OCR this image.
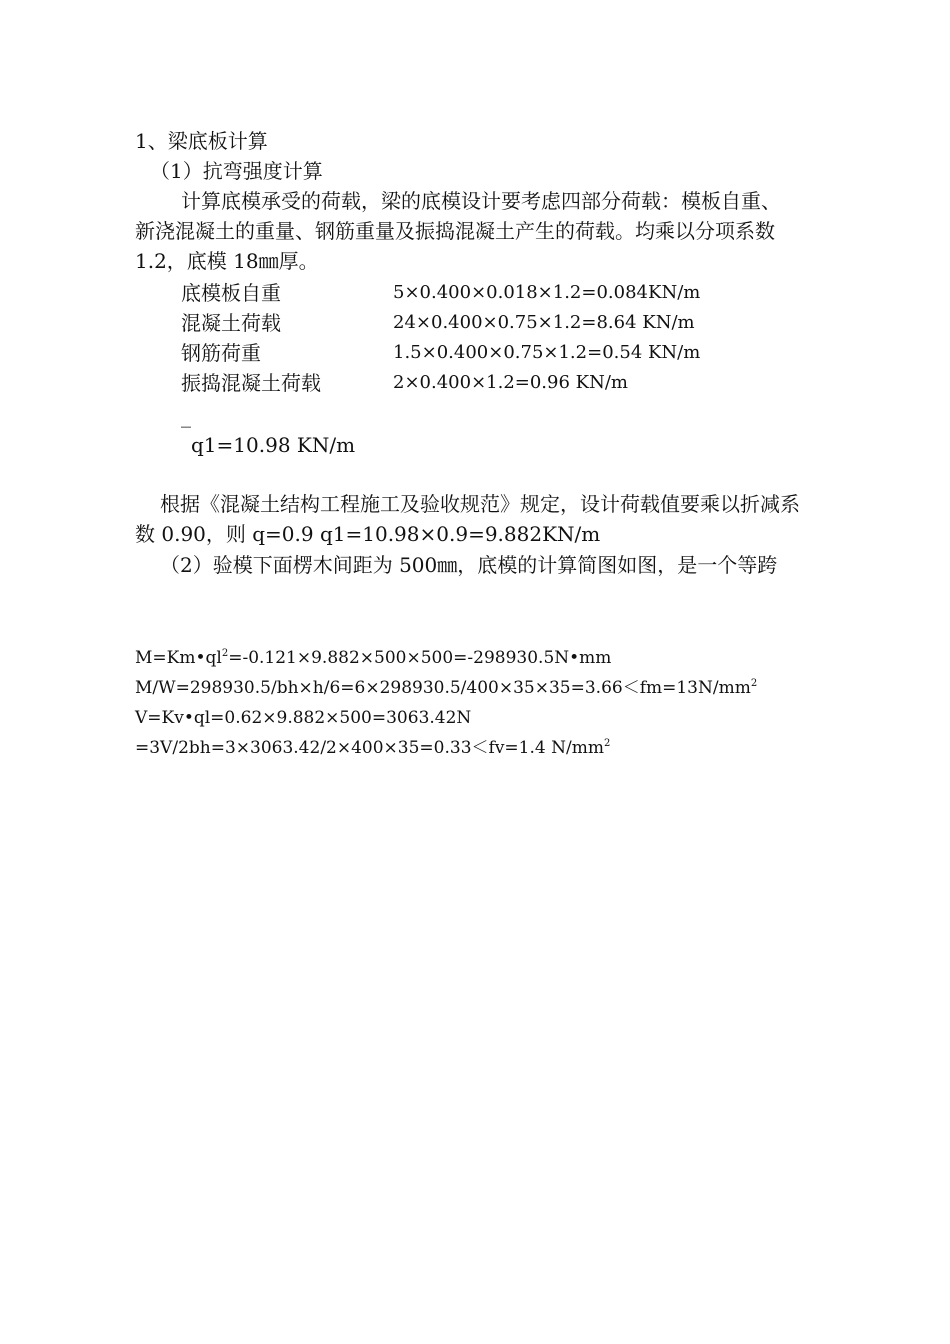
1、梁底板计算
（1）抗弯强度计算
计算底模承受的荷载，梁的底模设计要考虑四部分荷载：模板自重、
新浇混凝土的重量、钢筋重量及振捣混凝土产生的荷载。均乘以分项系数
1.2，底模 18㎜厚。
底模板自重	5×0.400×0.018×1.2=0.084KN/m
混凝土荷载	24×0.400×0.75×1.2=8.64 KN/m
钢筋荷重	1.5×0.400×0.75×1.2=0.54 KN/m
振捣混凝土荷载	2×0.400×1.2=0.96 KN/m
_
q1=10.98 KN/m
根据《混凝土结构工程施工及验收规范》规定，设计荷载值要乘以折减系
数 0.90，则 q=0.9 q1=10.98×0.9=9.882KN/m
（2）验模下面楞木间距为 500㎜，底模的计算简图如图，是一个等跨
$M=Km•ql^2=-0.121\times 9.882\times 500\times 500=-298930.5N•mm$
$M/W=298930.5/bh\times h/6=6\times 298930.5/400\times 35\times 35=3.66<fm=13N/mm^2$
V=Kv•ql=0.62×9.882×500=3063.42N
=3V/2bh=3×3063.42/2×400×35=0.33＜fv=1.4 $N/mm^2$
